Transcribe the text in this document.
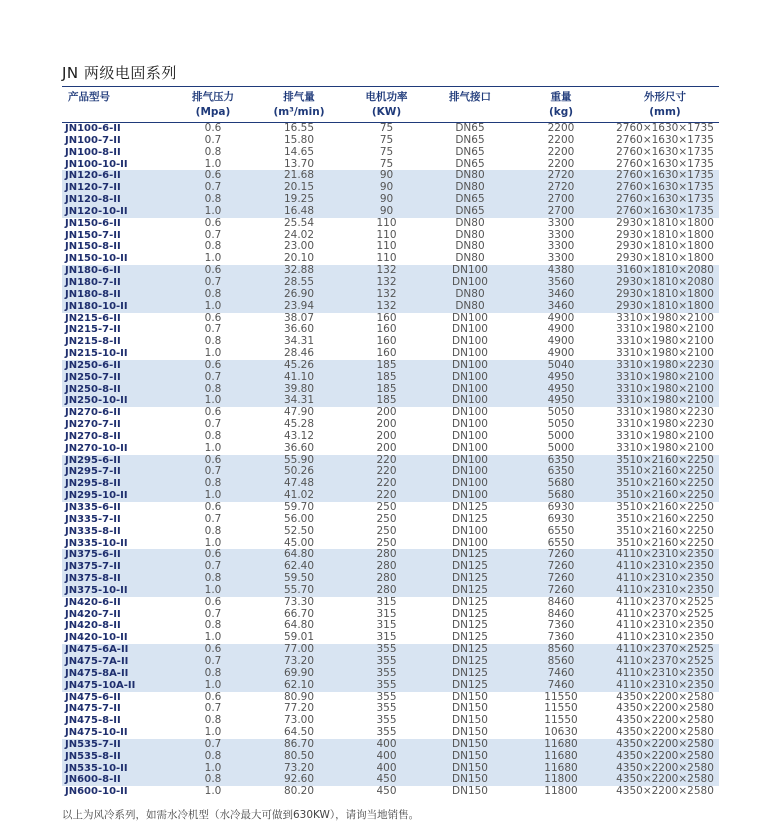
JN 两级电固系列
产品型号	排气压力	排气量	电机功率	排气接口	重量	外形尺寸
	(Mpa)	(m³/min)	(KW)		(kg)	(mm)
JN100-6-II	0.6	16.55	75	DN65	2200	2760×1630×1735
JN100-7-II	0.7	15.80	75	DN65	2200	2760×1630×1735
JN100-8-II	0.8	14.65	75	DN65	2200	2760×1630×1735
JN100-10-II	1.0	13.70	75	DN65	2200	2760×1630×1735
JN120-6-II	0.6	21.68	90	DN80	2720	2760×1630×1735
JN120-7-II	0.7	20.15	90	DN80	2720	2760×1630×1735
JN120-8-II	0.8	19.25	90	DN65	2700	2760×1630×1735
JN120-10-II	1.0	16.48	90	DN65	2700	2760×1630×1735
JN150-6-II	0.6	25.54	110	DN80	3300	2930×1810×1800
JN150-7-II	0.7	24.02	110	DN80	3300	2930×1810×1800
JN150-8-II	0.8	23.00	110	DN80	3300	2930×1810×1800
JN150-10-II	1.0	20.10	110	DN80	3300	2930×1810×1800
JN180-6-II	0.6	32.88	132	DN100	4380	3160×1810×2080
JN180-7-II	0.7	28.55	132	DN100	3560	2930×1810×2080
JN180-8-II	0.8	26.90	132	DN80	3460	2930×1810×1800
JN180-10-II	1.0	23.94	132	DN80	3460	2930×1810×1800
JN215-6-II	0.6	38.07	160	DN100	4900	3310×1980×2100
JN215-7-II	0.7	36.60	160	DN100	4900	3310×1980×2100
JN215-8-II	0.8	34.31	160	DN100	4900	3310×1980×2100
JN215-10-II	1.0	28.46	160	DN100	4900	3310×1980×2100
JN250-6-II	0.6	45.26	185	DN100	5040	3310×1980×2230
JN250-7-II	0.7	41.10	185	DN100	4950	3310×1980×2100
JN250-8-II	0.8	39.80	185	DN100	4950	3310×1980×2100
JN250-10-II	1.0	34.31	185	DN100	4950	3310×1980×2100
JN270-6-II	0.6	47.90	200	DN100	5050	3310×1980×2230
JN270-7-II	0.7	45.28	200	DN100	5050	3310×1980×2230
JN270-8-II	0.8	43.12	200	DN100	5000	3310×1980×2100
JN270-10-II	1.0	36.60	200	DN100	5000	3310×1980×2100
JN295-6-II	0.6	55.90	220	DN100	6350	3510×2160×2250
JN295-7-II	0.7	50.26	220	DN100	6350	3510×2160×2250
JN295-8-II	0.8	47.48	220	DN100	5680	3510×2160×2250
JN295-10-II	1.0	41.02	220	DN100	5680	3510×2160×2250
JN335-6-II	0.6	59.70	250	DN125	6930	3510×2160×2250
JN335-7-II	0.7	56.00	250	DN125	6930	3510×2160×2250
JN335-8-II	0.8	52.50	250	DN100	6550	3510×2160×2250
JN335-10-II	1.0	45.00	250	DN100	6550	3510×2160×2250
JN375-6-II	0.6	64.80	280	DN125	7260	4110×2310×2350
JN375-7-II	0.7	62.40	280	DN125	7260	4110×2310×2350
JN375-8-II	0.8	59.50	280	DN125	7260	4110×2310×2350
JN375-10-II	1.0	55.70	280	DN125	7260	4110×2310×2350
JN420-6-II	0.6	73.30	315	DN125	8460	4110×2370×2525
JN420-7-II	0.7	66.70	315	DN125	8460	4110×2370×2525
JN420-8-II	0.8	64.80	315	DN125	7360	4110×2310×2350
JN420-10-II	1.0	59.01	315	DN125	7360	4110×2310×2350
JN475-6A-II	0.6	77.00	355	DN125	8560	4110×2370×2525
JN475-7A-II	0.7	73.20	355	DN125	8560	4110×2370×2525
JN475-8A-II	0.8	69.90	355	DN125	7460	4110×2310×2350
JN475-10A-II	1.0	62.10	355	DN125	7460	4110×2310×2350
JN475-6-II	0.6	80.90	355	DN150	11550	4350×2200×2580
JN475-7-II	0.7	77.20	355	DN150	11550	4350×2200×2580
JN475-8-II	0.8	73.00	355	DN150	11550	4350×2200×2580
JN475-10-II	1.0	64.50	355	DN150	10630	4350×2200×2580
JN535-7-II	0.7	86.70	400	DN150	11680	4350×2200×2580
JN535-8-II	0.8	80.50	400	DN150	11680	4350×2200×2580
JN535-10-II	1.0	73.20	400	DN150	11680	4350×2200×2580
JN600-8-II	0.8	92.60	450	DN150	11800	4350×2200×2580
JN600-10-II	1.0	80.20	450	DN150	11800	4350×2200×2580
以上为风冷系列，如需水冷机型（水冷最大可做到630KW），请询当地销售。
